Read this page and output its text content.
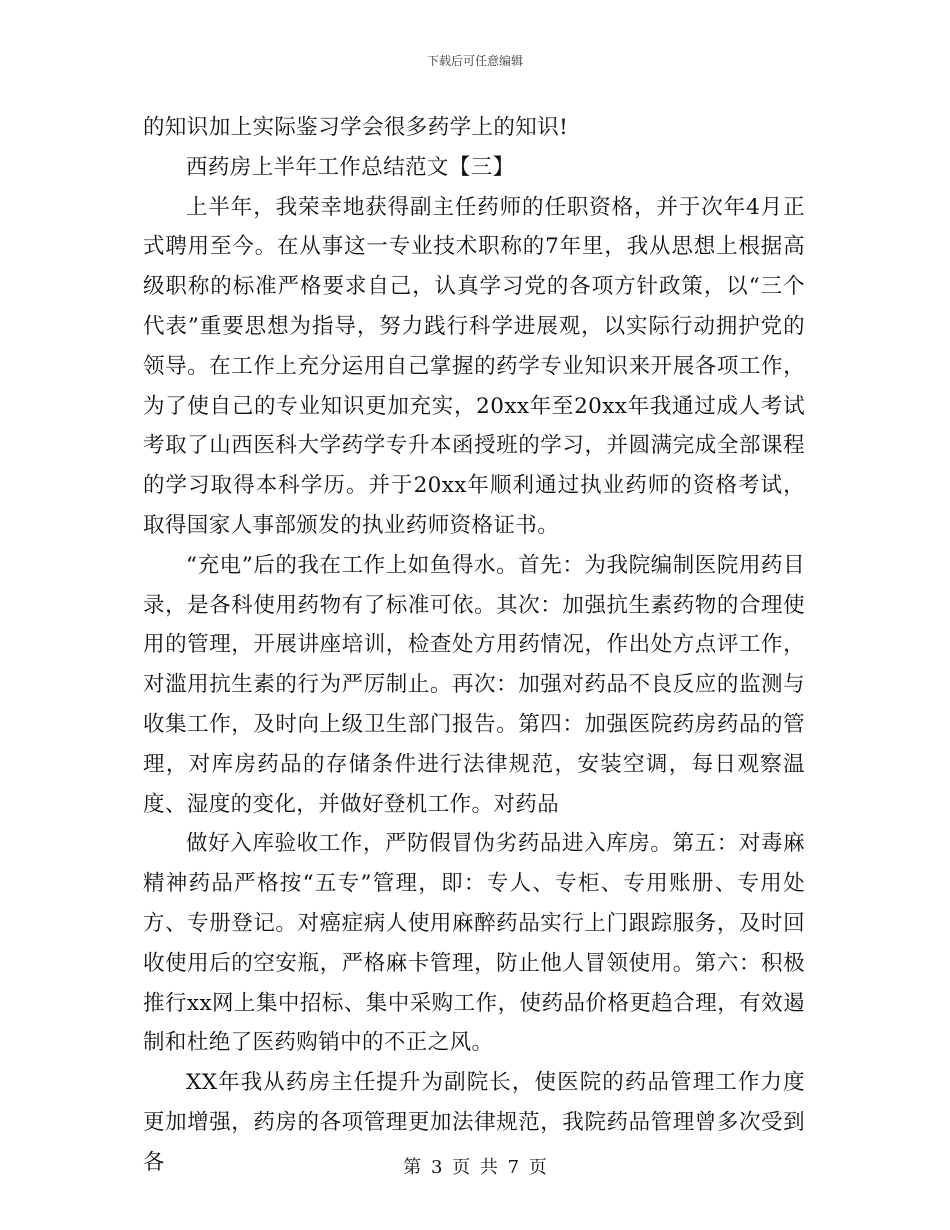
下载后可任意编辑

的知识加上实际鉴习学会很多药学上的知识!

西药房上半年工作总结范文【三】

上半年，我荣幸地获得副主任药师的任职资格，并于次年4月正式聘用至今。在从事这一专业技术职称的7年里，我从思想上根据高级职称的标准严格要求自己，认真学习党的各项方针政策，以“三个代表”重要思想为指导，努力践行科学进展观，以实际行动拥护党的领导。在工作上充分运用自己掌握的药学专业知识来开展各项工作，为了使自己的专业知识更加充实，20xx年至20xx年我通过成人考试考取了山西医科大学药学专升本函授班的学习，并圆满完成全部课程的学习取得本科学历。并于20xx年顺利通过执业药师的资格考试，取得国家人事部颁发的执业药师资格证书。

“充电”后的我在工作上如鱼得水。首先：为我院编制医院用药目录，是各科使用药物有了标准可依。其次：加强抗生素药物的合理使用的管理，开展讲座培训，检查处方用药情况，作出处方点评工作，对滥用抗生素的行为严厉制止。再次：加强对药品不良反应的监测与收集工作，及时向上级卫生部门报告。第四：加强医院药房药品的管理，对库房药品的存储条件进行法律规范，安装空调，每日观察温度、湿度的变化，并做好登机工作。对药品

做好入库验收工作，严防假冒伪劣药品进入库房。第五：对毒麻精神药品严格按“五专”管理，即：专人、专柜、专用账册、专用处方、专册登记。对癌症病人使用麻醉药品实行上门跟踪服务，及时回收使用后的空安瓶，严格麻卡管理，防止他人冒领使用。第六：积极推行xx网上集中招标、集中采购工作，使药品价格更趋合理，有效遏制和杜绝了医药购销中的不正之风。

XX年我从药房主任提升为副院长，使医院的药品管理工作力度更加增强，药房的各项管理更加法律规范，我院药品管理曾多次受到各	第 3 页 共 7 页
